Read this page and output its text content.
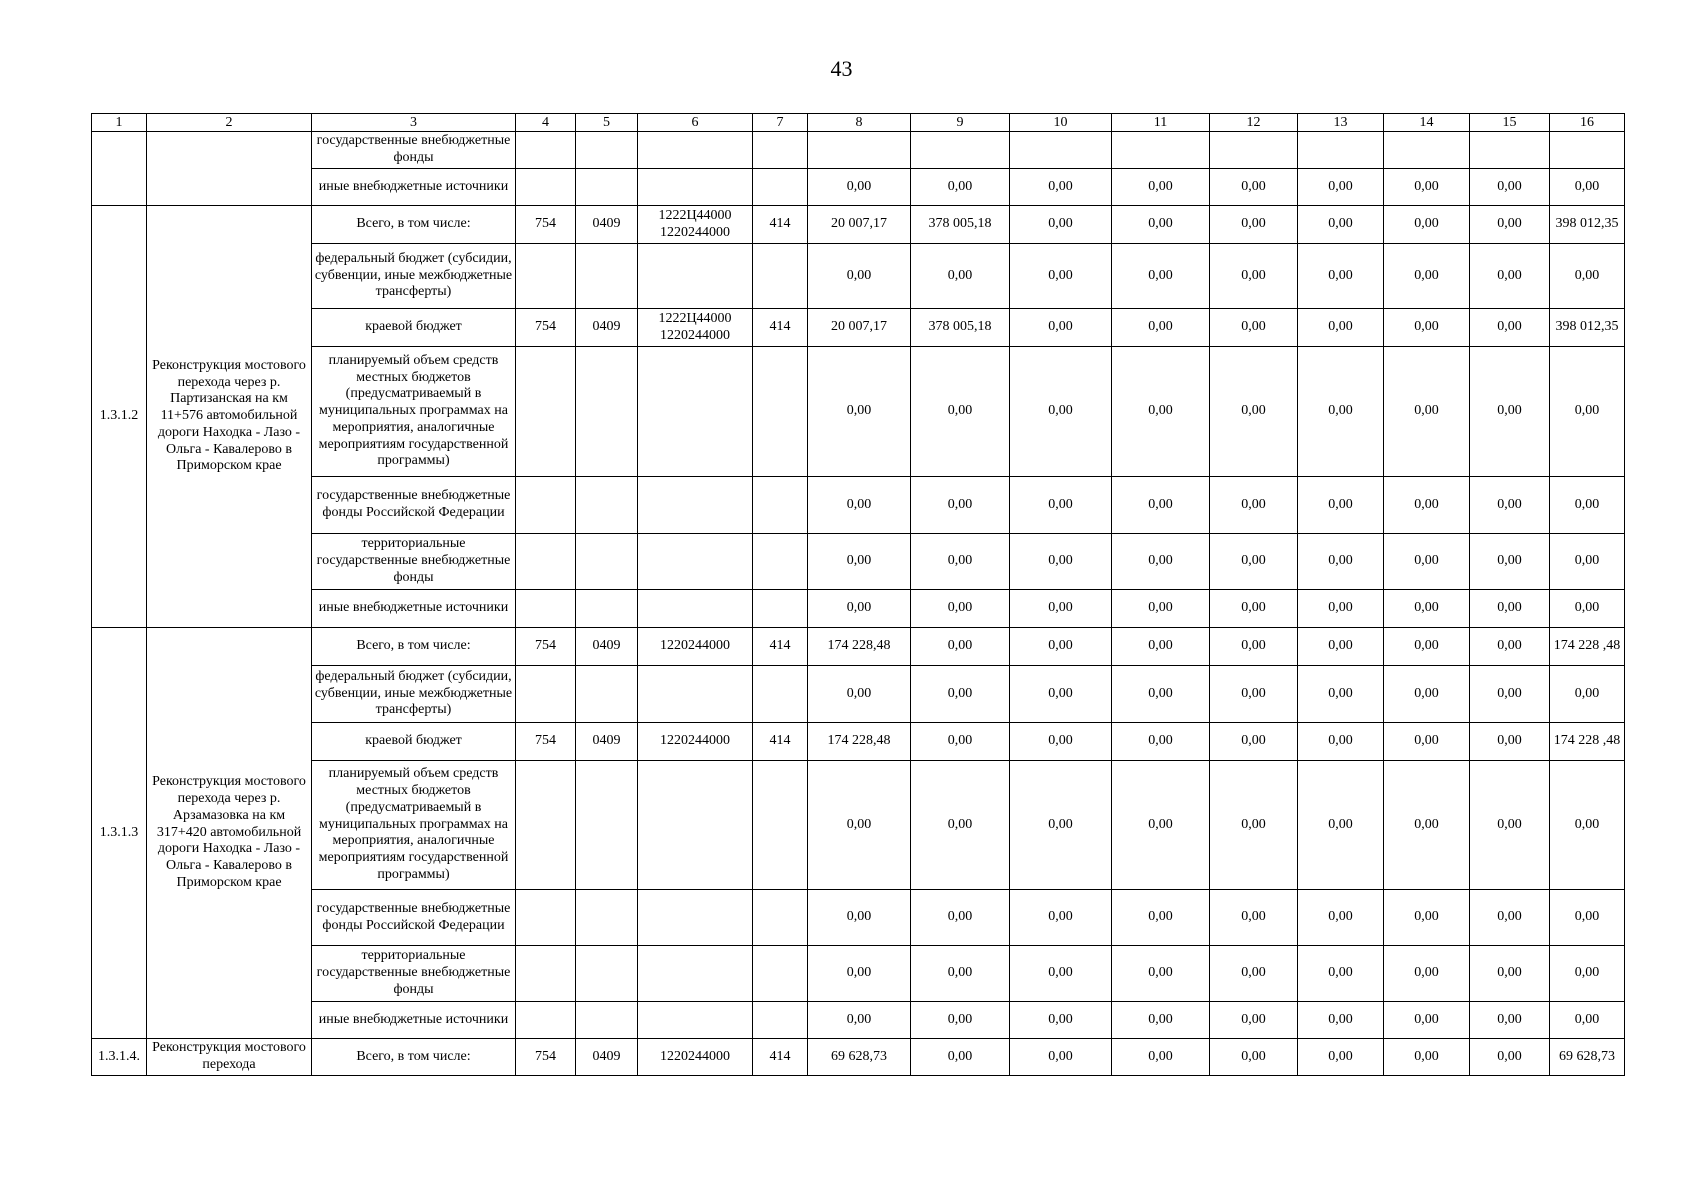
43
1	2	3	4	5	6	7	8	9	10	11	12	13	14	15	16
		государственные внебюджетные фонды													
		иные внебюджетные источники					0,00	0,00	0,00	0,00	0,00	0,00	0,00	0,00	0,00
1.3.1.2	Реконструкция мостового перехода через р. Партизанская на км 11+576 автомобильной дороги Находка - Лазо - Ольга - Кавалерово в Приморском крае	Всего, в том числе:	754	0409	1222Ц44000 1220244000	414	20 007,17	378 005,18	0,00	0,00	0,00	0,00	0,00	0,00	398 012,35
		федеральный бюджет (субсидии, субвенции, иные межбюджетные трансферты)					0,00	0,00	0,00	0,00	0,00	0,00	0,00	0,00	0,00
		краевой бюджет	754	0409	1222Ц44000 1220244000	414	20 007,17	378 005,18	0,00	0,00	0,00	0,00	0,00	0,00	398 012,35
		планируемый объем средств местных бюджетов (предусматриваемый в муниципальных программах на мероприятия, аналогичные мероприятиям государственной программы)					0,00	0,00	0,00	0,00	0,00	0,00	0,00	0,00	0,00
		государственные внебюджетные фонды Российской Федерации					0,00	0,00	0,00	0,00	0,00	0,00	0,00	0,00	0,00
		территориальные государственные внебюджетные фонды					0,00	0,00	0,00	0,00	0,00	0,00	0,00	0,00	0,00
		иные внебюджетные источники					0,00	0,00	0,00	0,00	0,00	0,00	0,00	0,00	0,00
1.3.1.3	Реконструкция мостового перехода через р. Арзамазовка на км 317+420 автомобильной дороги Находка - Лазо - Ольга - Кавалерово в Приморском крае	Всего, в том числе:	754	0409	1220244000	414	174 228,48	0,00	0,00	0,00	0,00	0,00	0,00	0,00	174 228 ,48
		федеральный бюджет (субсидии, субвенции, иные межбюджетные трансферты)					0,00	0,00	0,00	0,00	0,00	0,00	0,00	0,00	0,00
		краевой бюджет	754	0409	1220244000	414	174 228,48	0,00	0,00	0,00	0,00	0,00	0,00	0,00	174 228 ,48
		планируемый объем средств местных бюджетов (предусматриваемый в муниципальных программах на мероприятия, аналогичные мероприятиям государственной программы)					0,00	0,00	0,00	0,00	0,00	0,00	0,00	0,00	0,00
		государственные внебюджетные фонды Российской Федерации					0,00	0,00	0,00	0,00	0,00	0,00	0,00	0,00	0,00
		территориальные государственные внебюджетные фонды					0,00	0,00	0,00	0,00	0,00	0,00	0,00	0,00	0,00
		иные внебюджетные источники					0,00	0,00	0,00	0,00	0,00	0,00	0,00	0,00	0,00
1.3.1.4.	Реконструкция мостового перехода	Всего, в том числе:	754	0409	1220244000	414	69 628,73	0,00	0,00	0,00	0,00	0,00	0,00	0,00	69 628,73
